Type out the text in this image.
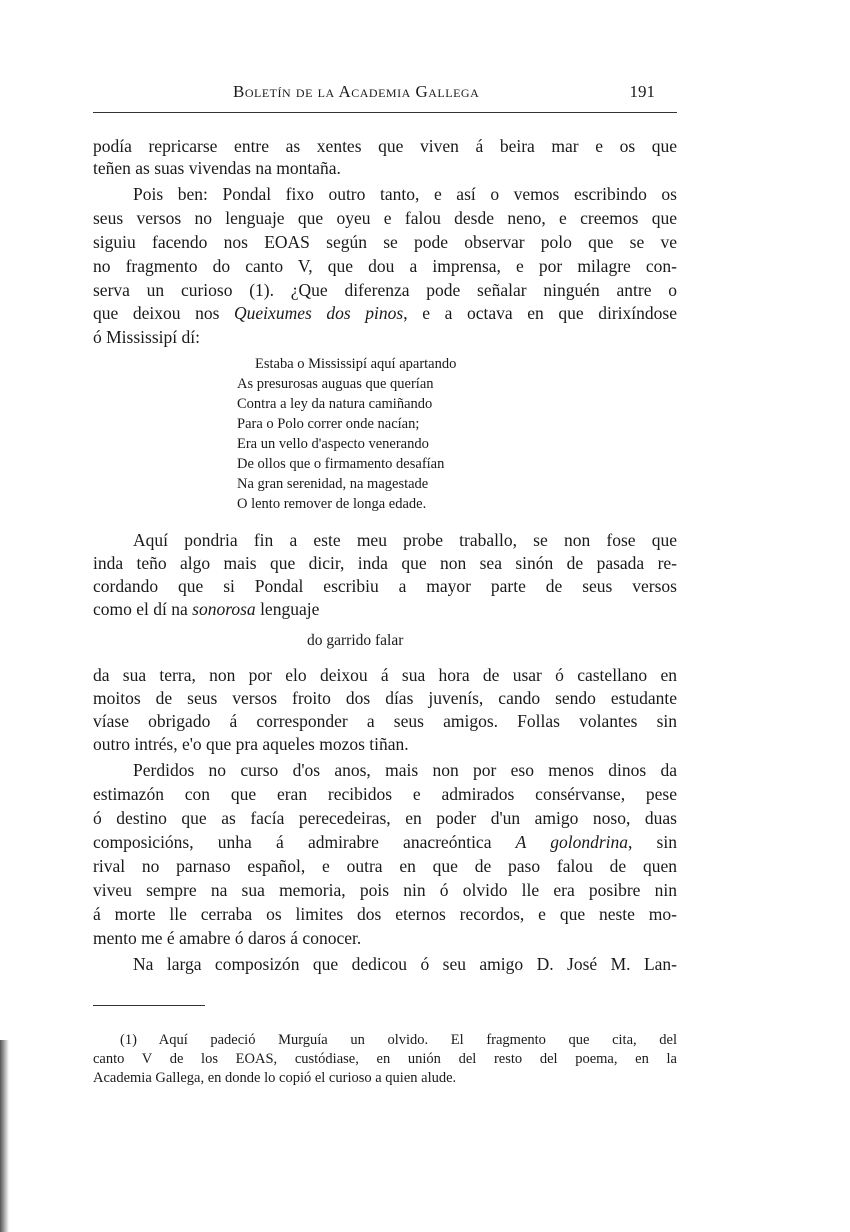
Boletín de la Academia Gallega	191
podía repricarse entre as xentes que viven á beira mar e os que
teñen as suas vivendas na montaña.
Pois ben: Pondal fixo outro tanto, e así o vemos escribindo os
seus versos no lenguaje que oyeu e falou desde neno, e creemos que
siguiu facendo nos EOAS según se pode observar polo que se ve
no fragmento do canto V, que dou a imprensa, e por milagre con-
serva un curioso (1). ¿Que diferenza pode señalar ninguén antre o
que deixou nos Queixumes dos pinos, e a octava en que dirixíndose
ó Mississipí dí:
Estaba o Mississipí aquí apartando
As presurosas auguas que querían
Contra a ley da natura camiñando
Para o Polo correr onde nacían;
Era un vello d'aspecto venerando
De ollos que o firmamento desafían
Na gran serenidad, na magestade
O lento remover de longa edade.
Aquí pondria fin a este meu probe traballo, se non fose que
inda teño algo mais que dicir, inda que non sea sinón de pasada re-
cordando que si Pondal escribiu a mayor parte de seus versos
como el dí na sonorosa lenguaje
do garrido falar
da sua terra, non por elo deixou á sua hora de usar ó castellano en
moitos de seus versos froito dos días juvenís, cando sendo estudante
víase obrigado á corresponder a seus amigos. Follas volantes sin
outro intrés, e'o que pra aqueles mozos tiñan.
Perdidos no curso d'os anos, mais non por eso menos dinos da
estimazón con que eran recibidos e admirados consérvanse, pese
ó destino que as facía perecedeiras, en poder d'un amigo noso, duas
composicións, unha á admirabre anacreóntica A golondrina, sin
rival no parnaso español, e outra en que de paso falou de quen
viveu sempre na sua memoria, pois nin ó olvido lle era posibre nin
á morte lle cerraba os limites dos eternos recordos, e que neste mo-
mento me é amabre ó daros á conocer.
Na larga composizón que dedicou ó seu amigo D. José M. Lan-
(1) Aquí padeció Murguía un olvido. El fragmento que cita, del
canto V de los EOAS, custódiase, en unión del resto del poema, en la
Academia Gallega, en donde lo copió el curioso a quien alude.
